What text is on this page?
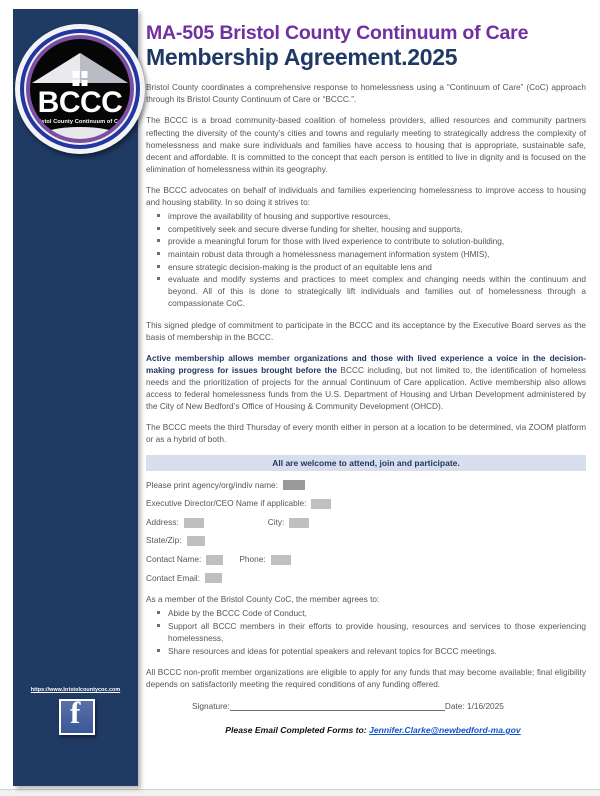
BCCC
Bristol County Continuum of Care
https://www.bristolcountycoc.com
f
MA-505 Bristol County Continuum of Care
Membership Agreement.2025

Bristol County coordinates a comprehensive response to homelessness using a “Continuum of Care” (CoC) approach through its Bristol County Continuum of Care or “BCCC.”.

The BCCC is a broad community-based coalition of homeless providers, allied resources and community partners reflecting the diversity of the county’s cities and towns and regularly meeting to strategically address the complexity of homelessness and make sure individuals and families have access to housing that is appropriate, sustainable safe, decent and affordable. It is committed to the concept that each person is entitled to live in dignity and is focused on the elimination of homelessness within its geography.

The BCCC advocates on behalf of individuals and families experiencing homelessness to improve access to housing and housing stability. In so doing it strives to:

improve the availability of housing and supportive resources,
competitively seek and secure diverse funding for shelter, housing and supports,
provide a meaningful forum for those with lived experience to contribute to solution-building,
maintain robust data through a homelessness management information system (HMIS),
ensure strategic decision-making is the product of an equitable lens and
evaluate and modify systems and practices to meet complex and changing needs within the continuum and beyond. All of this is done to strategically lift individuals and families out of homelessness through a compassionate CoC.

This signed pledge of commitment to participate in the BCCC and its acceptance by the Executive Board serves as the basis of membership in the BCCC.

Active membership allows member organizations and those with lived experience a voice in the decision-making progress for issues brought before the BCCC including, but not limited to, the identification of homeless needs and the prioritization of projects for the annual Continuum of Care application. Active membership also allows access to federal homelessness funds from the U.S. Department of Housing and Urban Development administered by the City of New Bedford’s Office of Housing & Community Development (OHCD).

The BCCC meets the third Thursday of every month either in person at a location to be determined, via ZOOM platform or as a hybrid of both.

All are welcome to attend, join and participate.
Please print agency/org/indiv name:
Executive Director/CEO Name if applicable:
Address:	City:
State/Zip:
Contact Name:	Phone:
Contact Email:

As a member of the Bristol County CoC, the member agrees to:

Abide by the BCCC Code of Conduct,
Support all BCCC members in their efforts to provide housing, resources and services to those experiencing homelessness,
Share resources and ideas for potential speakers and relevant topics for BCCC meetings.

All BCCC non-profit member organizations are eligible to apply for any funds that may become available; final eligibility depends on satisfactorily meeting the required conditions of any funding offered.

Signature:	Date: 1/16/2025
Please Email Completed Forms to: Jennifer.Clarke@newbedford-ma.gov
